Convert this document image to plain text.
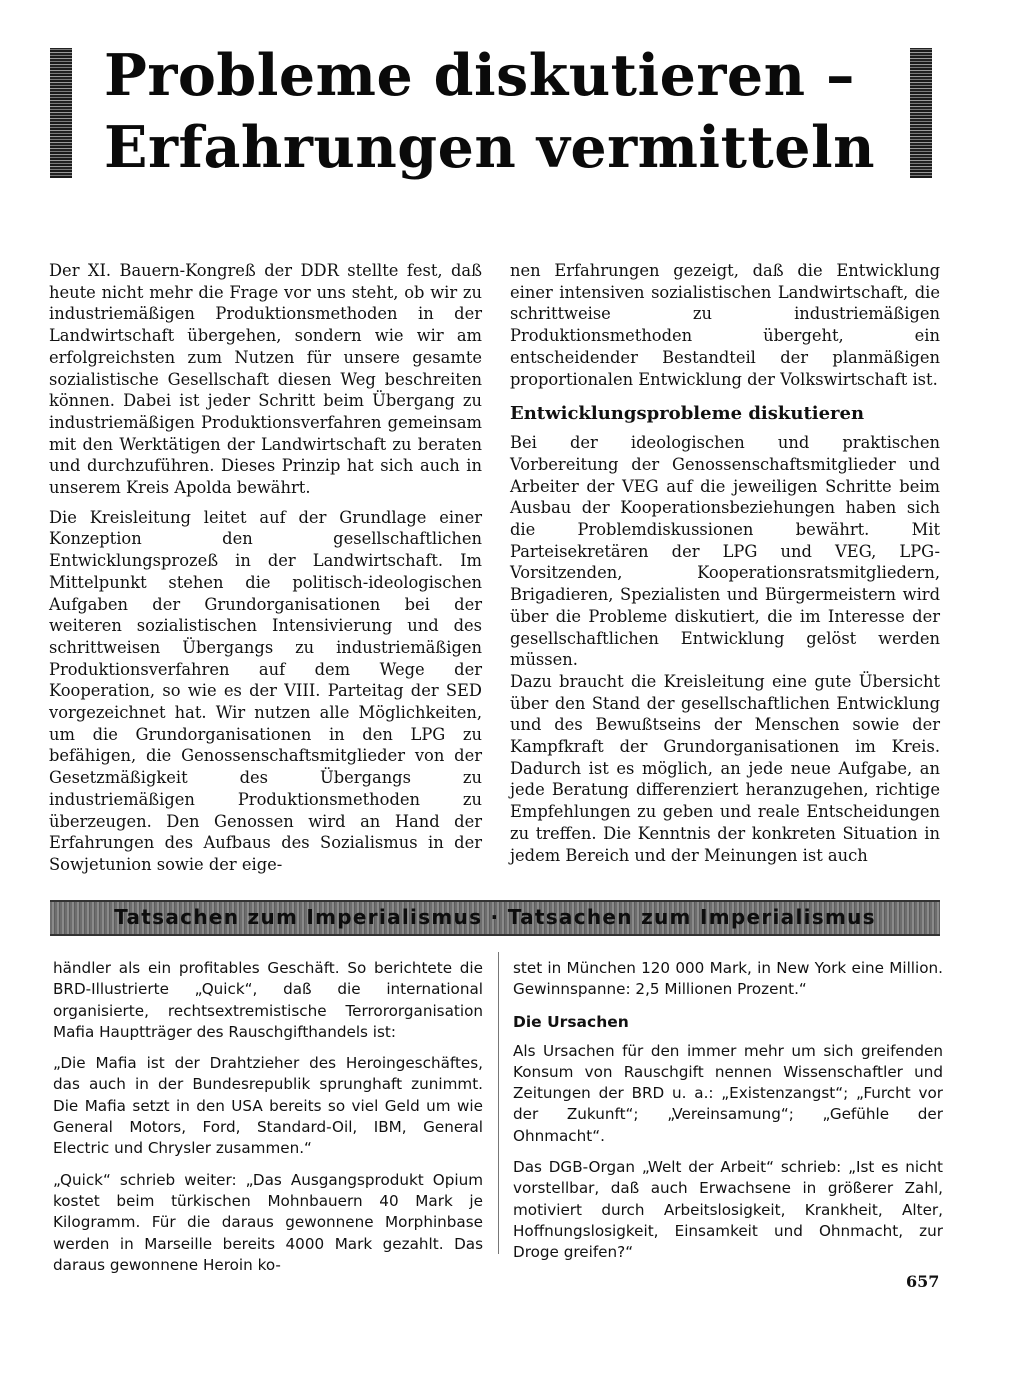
Probleme diskutieren –
Erfahrungen vermitteln
Der XI. Bauern-Kongreß der DDR stellte fest, daß heute nicht mehr die Frage vor uns steht, ob wir zu industriemäßigen Produktionsmethoden in der Landwirtschaft übergehen, sondern wie wir am erfolgreichsten zum Nutzen für unsere gesamte sozialistische Gesellschaft diesen Weg beschreiten können. Dabei ist jeder Schritt beim Übergang zu industriemäßigen Produktionsverfahren gemeinsam mit den Werktätigen der Landwirtschaft zu beraten und durchzuführen. Dieses Prinzip hat sich auch in unserem Kreis Apolda bewährt.
Die Kreisleitung leitet auf der Grundlage einer Konzeption den gesellschaftlichen Entwicklungsprozeß in der Landwirtschaft. Im Mittelpunkt stehen die politisch-ideologischen Aufgaben der Grundorganisationen bei der weiteren sozialistischen Intensivierung und des schrittweisen Übergangs zu industriemäßigen Produktionsverfahren auf dem Wege der Kooperation, so wie es der VIII. Parteitag der SED vorgezeichnet hat. Wir nutzen alle Möglichkeiten, um die Grundorganisationen in den LPG zu befähigen, die Genossenschaftsmitglieder von der Gesetzmäßigkeit des Übergangs zu industriemäßigen Produktionsmethoden zu überzeugen. Den Genossen wird an Hand der Erfahrungen des Aufbaus des Sozialismus in der Sowjetunion sowie der eige-
nen Erfahrungen gezeigt, daß die Entwicklung einer intensiven sozialistischen Landwirtschaft, die schrittweise zu industriemäßigen Produktionsmethoden übergeht, ein entscheidender Bestandteil der planmäßigen proportionalen Entwicklung der Volkswirtschaft ist.
Entwicklungsprobleme diskutieren
Bei der ideologischen und praktischen Vorbereitung der Genossenschaftsmitglieder und Arbeiter der VEG auf die jeweiligen Schritte beim Ausbau der Kooperationsbeziehungen haben sich die Problemdiskussionen bewährt. Mit Parteisekretären der LPG und VEG, LPG-Vorsitzenden, Kooperationsratsmitgliedern, Brigadieren, Spezialisten und Bürgermeistern wird über die Probleme diskutiert, die im Interesse der gesellschaftlichen Entwicklung gelöst werden müssen.
Dazu braucht die Kreisleitung eine gute Übersicht über den Stand der gesellschaftlichen Entwicklung und des Bewußtseins der Menschen sowie der Kampfkraft der Grundorganisationen im Kreis. Dadurch ist es möglich, an jede neue Aufgabe, an jede Beratung differenziert heranzugehen, richtige Empfehlungen zu geben und reale Entscheidungen zu treffen. Die Kenntnis der konkreten Situation in jedem Bereich und der Meinungen ist auch
Tatsachen zum Imperialismus · Tatsachen zum Imperialismus
händler als ein profitables Geschäft. So berichtete die BRD-Illustrierte „Quick“, daß die international organisierte, rechtsextremistische Terrororganisation Mafia Hauptträger des Rauschgifthandels ist:
„Die Mafia ist der Drahtzieher des Heroingeschäftes, das auch in der Bundesrepublik sprunghaft zunimmt. Die Mafia setzt in den USA bereits so viel Geld um wie General Motors, Ford, Standard-Oil, IBM, General Electric und Chrysler zusammen.“
„Quick“ schrieb weiter: „Das Ausgangsprodukt Opium kostet beim türkischen Mohnbauern 40 Mark je Kilogramm. Für die daraus gewonnene Morphinbase werden in Marseille bereits 4000 Mark gezahlt. Das daraus gewonnene Heroin ko-
stet in München 120 000 Mark, in New York eine Million. Gewinnspanne: 2,5 Millionen Prozent.“
Die Ursachen
Als Ursachen für den immer mehr um sich greifenden Konsum von Rauschgift nennen Wissenschaftler und Zeitungen der BRD u. a.: „Existenzangst“; „Furcht vor der Zukunft“; „Vereinsamung“; „Gefühle der Ohnmacht“.
Das DGB-Organ „Welt der Arbeit“ schrieb: „Ist es nicht vorstellbar, daß auch Erwachsene in größerer Zahl, motiviert durch Arbeitslosigkeit, Krankheit, Alter, Hoffnungslosigkeit, Einsamkeit und Ohnmacht, zur Droge greifen?“
657
